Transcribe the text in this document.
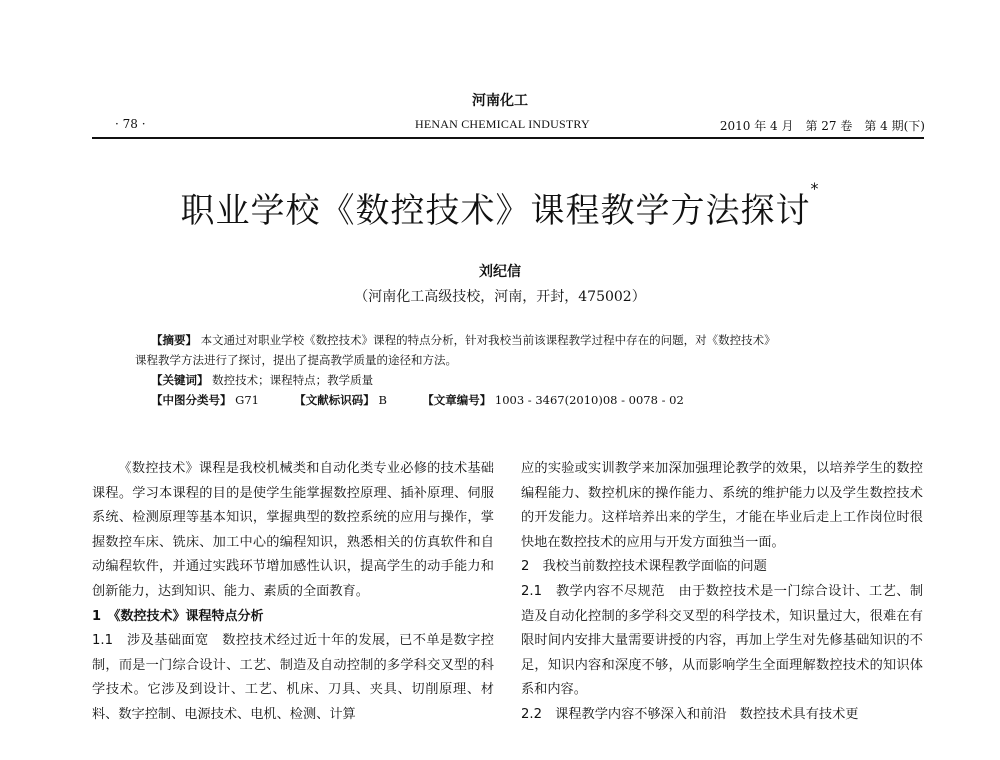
河南化工
· 78 ·	HENAN CHEMICAL INDUSTRY	2010 年 4 月　第 27 卷　第 4 期(下)
职业学校《数控技术》课程教学方法探讨*
刘纪信
（河南化工高级技校，河南，开封，475002）
【摘要】 本文通过对职业学校《数控技术》课程的特点分析，针对我校当前该课程教学过程中存在的问题，对《数控技术》
课程教学方法进行了探讨，提出了提高教学质量的途径和方法。
【关键词】 数控技术；课程特点；教学质量
【中图分类号】 G71	【文献标识码】 B	【文章编号】 1003 - 3467(2010)08 - 0078 - 02

《数控技术》课程是我校机械类和自动化类专业必修的技术基础课程。学习本课程的目的是使学生能掌握数控原理、插补原理、伺服系统、检测原理等基本知识，掌握典型的数控系统的应用与操作，掌握数控车床、铣床、加工中心的编程知识，熟悉相关的仿真软件和自动编程软件，并通过实践环节增加感性认识，提高学生的动手能力和创新能力，达到知识、能力、素质的全面教育。

1　《数控技术》课程特点分析

1.1　涉及基础面宽　 数控技术经过近十年的发展，已不单是数字控制，而是一门综合设计、工艺、制造及自动控制的多学科交叉型的科学技术。它涉及到设计、工艺、机床、刀具、夹具、切削原理、材料、数字控制、电源技术、电机、检测、计算

应的实验或实训教学来加深加强理论教学的效果，以培养学生的数控编程能力、数控机床的操作能力、系统的维护能力以及学生数控技术的开发能力。这样培养出来的学生，才能在毕业后走上工作岗位时很快地在数控技术的应用与开发方面独当一面。

2　我校当前数控技术课程教学面临的问题

2.1　教学内容不尽规范　 由于数控技术是一门综合设计、工艺、制造及自动化控制的多学科交叉型的科学技术，知识量过大，很难在有限时间内安排大量需要讲授的内容，再加上学生对先修基础知识的不足，知识内容和深度不够，从而影响学生全面理解数控技术的知识体系和内容。

2.2　课程教学内容不够深入和前沿　 数控技术具有技术更
